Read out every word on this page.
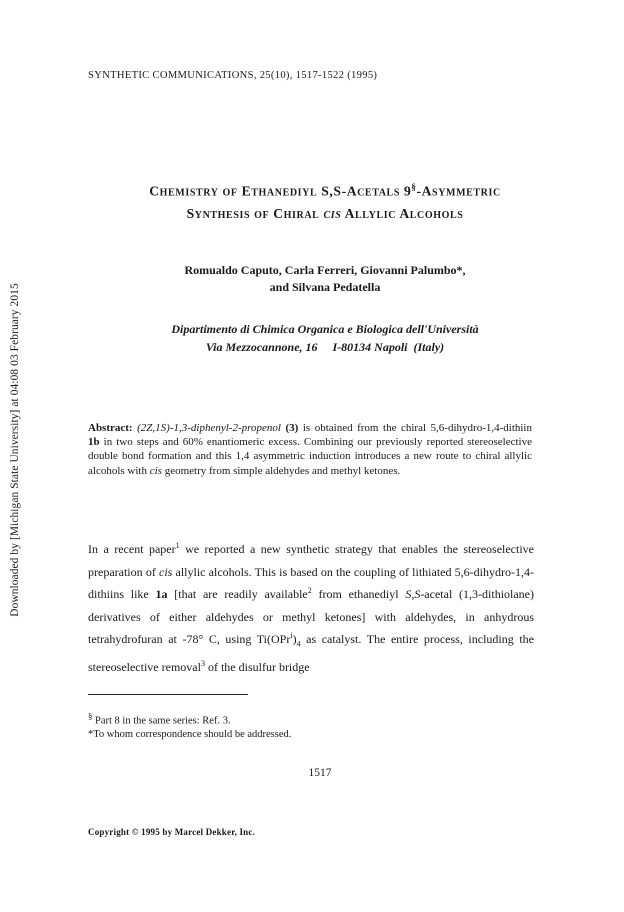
Downloaded by [Michigan State University] at 04:08 03 February 2015
SYNTHETIC COMMUNICATIONS, 25(10), 1517-1522 (1995)
Chemistry of Ethanediyl S,S-Acetals 9§-Asymmetric
Synthesis of Chiral cis Allylic Alcohols
Romualdo Caputo, Carla Ferreri, Giovanni Palumbo*,
and Silvana Pedatella
Dipartimento di Chimica Organica e Biologica dell'Università
Via Mezzocannone, 16     I-80134 Napoli  (Italy)
Abstract: (2Z,1S)-1,3-diphenyl-2-propenol (3) is obtained from the chiral 5,6-dihydro-1,4-dithiin 1b in two steps and 60% enantiomeric excess. Combining our previously reported stereoselective double bond formation and this 1,4 asymmetric induction introduces a new route to chiral allylic alcohols with cis geometry from simple aldehydes and methyl ketones.
In a recent paper$^1$ we reported a new synthetic strategy that enables the stereoselective preparation of cis allylic alcohols. This is based on the coupling of lithiated 5,6-dihydro-1,4-dithiins like 1a [that are readily available$^2$ from ethanediyl S,S-acetal (1,3-dithiolane) derivatives of either aldehydes or methyl ketones] with aldehydes, in anhydrous tetrahydrofuran at -78° C, using $Ti(OPr^i)_4$ as catalyst. The entire process, including the stereoselective removal$^3$ of the disulfur bridge
§ Part 8 in the same series: Ref. 3.
*To whom correspondence should be addressed.
1517
Copyright © 1995 by Marcel Dekker, Inc.
